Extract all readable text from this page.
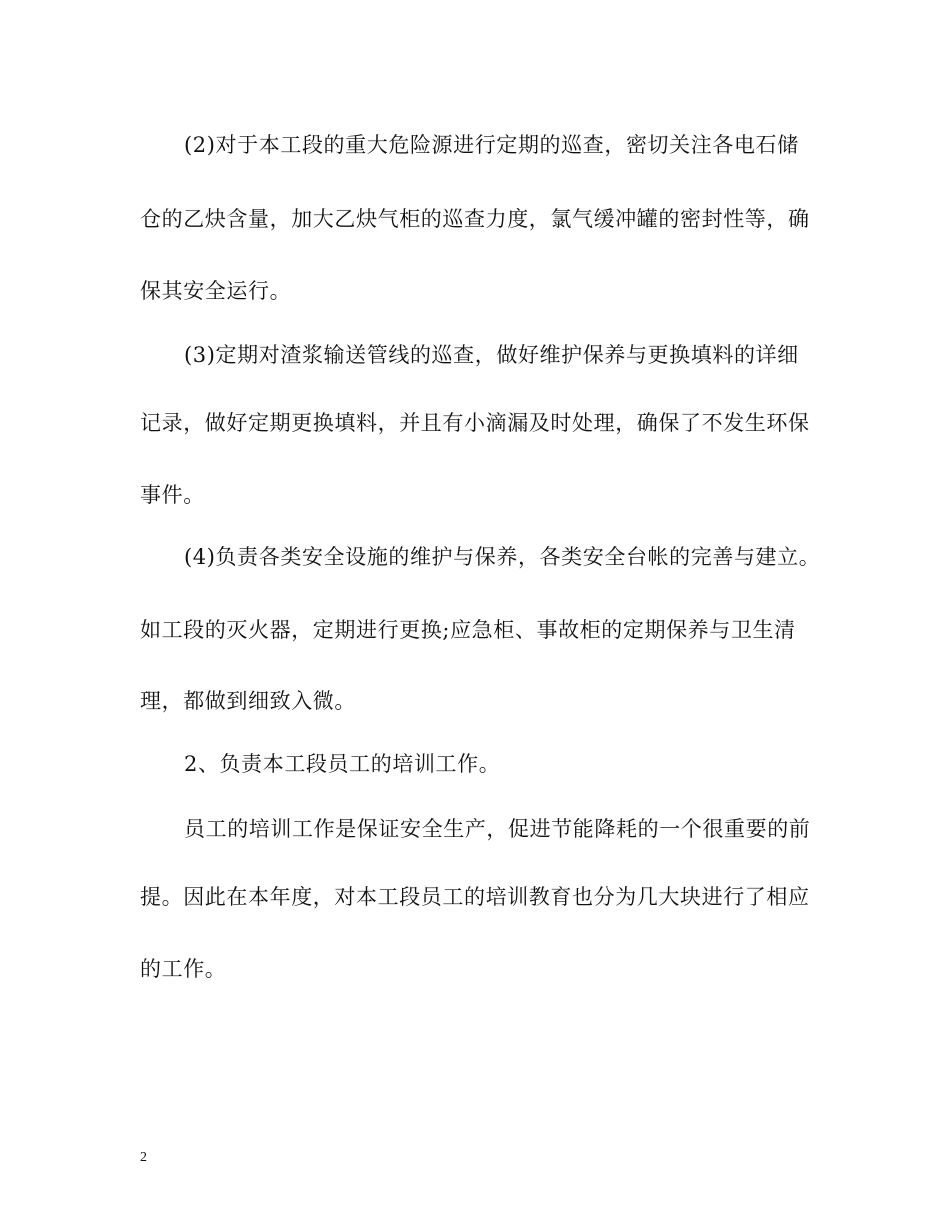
(2)对于本工段的重大危险源进行定期的巡查，密切关注各电石储
仓的乙炔含量，加大乙炔气柜的巡查力度，氯气缓冲罐的密封性等，确
保其安全运行。
(3)定期对渣浆输送管线的巡查，做好维护保养与更换填料的详细
记录，做好定期更换填料，并且有小滴漏及时处理，确保了不发生环保
事件。
(4)负责各类安全设施的维护与保养，各类安全台帐的完善与建立。
如工段的灭火器，定期进行更换;应急柜、事故柜的定期保养与卫生清
理，都做到细致入微。
2、负责本工段员工的培训工作。
员工的培训工作是保证安全生产，促进节能降耗的一个很重要的前
提。因此在本年度，对本工段员工的培训教育也分为几大块进行了相应
的工作。
2
